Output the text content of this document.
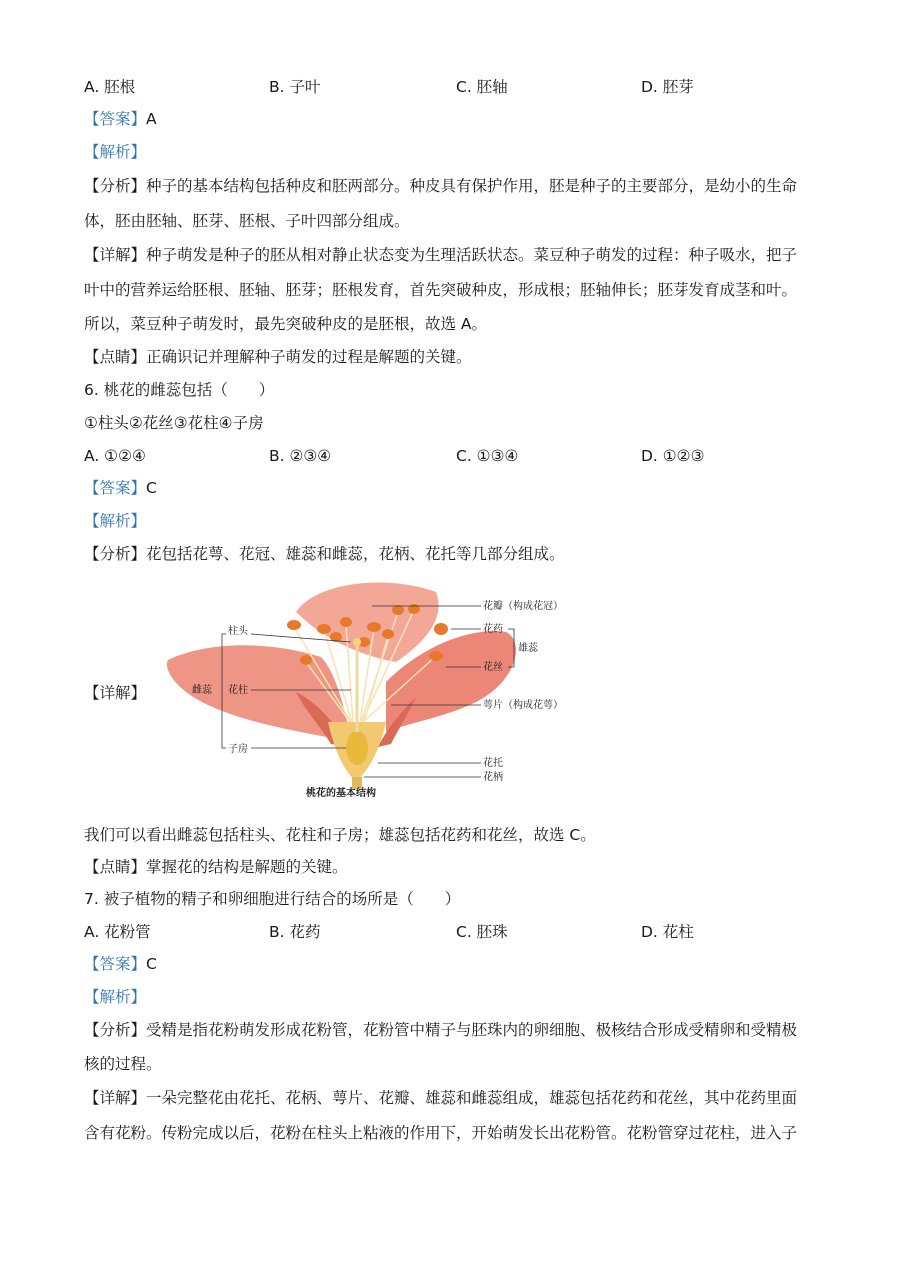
A. 胚根	B. 子叶	C. 胚轴	D. 胚芽
【答案】A
【解析】
【分析】种子的基本结构包括种皮和胚两部分。种皮具有保护作用，胚是种子的主要部分，是幼小的生命
体，胚由胚轴、胚芽、胚根、子叶四部分组成。
【详解】种子萌发是种子的胚从相对静止状态变为生理活跃状态。菜豆种子萌发的过程：种子吸水，把子
叶中的营养运给胚根、胚轴、胚芽；胚根发育，首先突破种皮，形成根；胚轴伸长；胚芽发育成茎和叶。
所以，菜豆种子萌发时，最先突破种皮的是胚根，故选 A。
【点睛】正确识记并理解种子萌发的过程是解题的关键。
6. 桃花的雌蕊包括（　　）
①柱头②花丝③花柱④子房
A. ①②④	B. ②③④	C. ①③④	D. ①②③
【答案】C
【解析】
【分析】花包括花萼、花冠、雄蕊和雌蕊，花柄、花托等几部分组成。
【详解】
花瓣（构成花冠）
花药
雄蕊
花丝
萼片（构成花萼）
花托
花柄
柱头
雌蕊 花柱
子房
桃花的基本结构
我们可以看出雌蕊包括柱头、花柱和子房；雄蕊包括花药和花丝，故选 C。
【点睛】掌握花的结构是解题的关键。
7. 被子植物的精子和卵细胞进行结合的场所是（　　）
A. 花粉管	B. 花药	C. 胚珠	D. 花柱
【答案】C
【解析】
【分析】受精是指花粉萌发形成花粉管，花粉管中精子与胚珠内的卵细胞、极核结合形成受精卵和受精极
核的过程。
【详解】一朵完整花由花托、花柄、萼片、花瓣、雄蕊和雌蕊组成，雄蕊包括花药和花丝，其中花药里面
含有花粉。传粉完成以后，花粉在柱头上粘液的作用下，开始萌发长出花粉管。花粉管穿过花柱，进入子
